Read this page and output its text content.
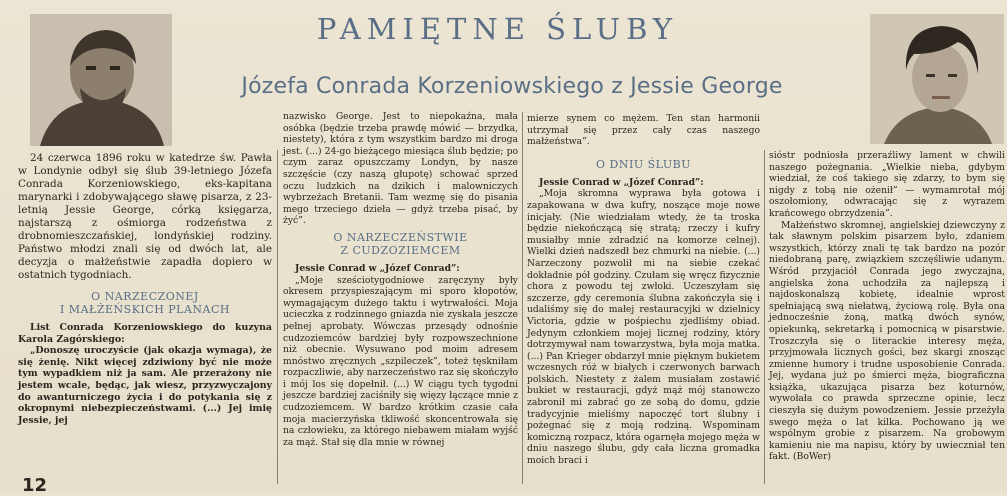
PAMIĘTNE ŚLUBY
Józefa Conrada Korzeniowskiego z Jessie George

24 czerwca 1896 roku w katedrze św. Pawła w Londynie odbył się ślub 39-letniego Józefa Conrada Korzeniowskiego, eks-kapitana marynarki i zdobywającego sławę pisarza, z 23-letnią Jessie George, córką księgarza, najstarszą z ośmiorga rodzeństwa z drobnomieszczańskiej, londyńskiej rodziny. Państwo młodzi znali się od dwóch lat, ale decyzja o małżeństwie zapadła dopiero w ostatnich tygodniach.

O NARZECZONEJ
I MAŁŻEŃSKICH PLANACH

List Conrada Korzeniowskiego do kuzyna Karola Zagórskiego:

„Donoszę uroczyście (jak okazja wymaga), że się żenię. Nikt więcej zdziwiony być nie może tym wypadkiem niż ja sam. Ale przerażony nie jestem wcale, będąc, jak wiesz, przyzwyczajony do awanturniczego życia i do potykania się z okropnymi niebezpieczeństwami. (...) Jej imię Jessie, jej

nazwisko George. Jest to niepokaźna, mała osóbka (będzie trzeba prawdę mówić — brzydka, niestety), która z tym wszystkim bardzo mi droga jest. (...) 24-go bieżącego miesiąca ślub będzie; po czym zaraz opuszczamy Londyn, by nasze szczęście (czy naszą głupotę) schować sprzed oczu ludzkich na dzikich i malowniczych wybrzeżach Bretanii. Tam wezmę się do pisania mego trzeciego dzieła — gdyż trzeba pisać, by żyć”.

O NARZECZEŃSTWIE
Z CUDZOZIEMCEM

Jessie Conrad w „Józef Conrad”:

„Moje sześciotygodniowe zaręczyny były okresem przyspieszającym mi sporo kłopotów, wymagającym dużego taktu i wytrwałości. Moja ucieczka z rodzinnego gniazda nie zyskała jeszcze pełnej aprobaty. Wówczas przesądy odnośnie cudzoziemców bardziej były rozpowszechnione niż obecnie. Wysuwano pod moim adresem mnóstwo zręcznych „szpileczek”, toteż tęskniłam rozpaczliwie, aby narzeczeństwo raz się skończyło i mój los się dopełnił. (...) W ciągu tych tygodni jeszcze bardziej zaciśniły się więzy łączące mnie z cudzoziemcem. W bardzo krótkim czasie cała moja macierzyńska tkliwość skoncentrowała się na człowieku, za którego niebawem miałam wyjść za mąż. Stał się dla mnie w równej

mierze synem co mężem. Ten stan harmonii utrzymał się przez cały czas naszego małżeństwa”.

O DNIU ŚLUBU

Jessie Conrad w „Józef Conrad”:

„Moja skromna wyprawa była gotowa i zapakowana w dwa kufry, noszące moje nowe inicjały. (Nie wiedziałam wtedy, że ta troska będzie niekończącą się stratą; rzeczy i kufry musiałby mnie zdradzić na komorze celnej). Wielki dzień nadszedł bez chmurki na niebie. (...) Narzeczony pozwolił mi na siebie czekać dokładnie pół godziny. Czułam się wręcz fizycznie chora z powodu tej zwłoki. Uczeszyłam się szczerze, gdy ceremonia ślubna zakończyła się i udaliśmy się do małej restauracyjki w dzielnicy Victoria, gdzie w pośpiechu zjedliśmy obiad. Jedynym członkiem mojej licznej rodziny, który dotrzymywał nam towarzystwa, była moja matka. (...) Pan Krieger obdarzył mnie pięknym bukietem wczesnych róż w białych i czerwonych barwach polskich. Niestety z żalem musiałam zostawić bukiet w restauracji, gdyż mąż mój stanowczo zabronił mi zabrać go ze sobą do domu, gdzie tradycyjnie mieliśmy napoczęć tort ślubny i pożegnać się z moją rodziną. Wspominam komiczną rozpacz, która ogarnęła mojego męża w dniu naszego ślubu, gdy cała liczna gromadka moich braci i

sióstr podniosła przeraźliwy lament w chwili naszego pożegnania. „Wielkie nieba, gdybym wiedział, że coś takiego się zdarzy, to bym się nigdy z tobą nie ożenił” — wymamrotał mój oszołomiony, odwracając się z wyrazem krańcowego obrzydzenia”.

Małżeństwo skromnej, angielskiej dziewczyny z tak sławnym polskim pisarzem było, zdaniem wszystkich, którzy znali tę tak bardzo na pozór niedobraną parę, związkiem szczęśliwie udanym. Wśród przyjaciół Conrada jego zwyczajna, angielska żona uchodziła za najlepszą i najdoskonalszą kobietę, idealnie wprost spełniającą swą niełatwą, życiową rolę. Była ona jednocześnie żoną, matką dwóch synów, opiekunką, sekretarką i pomocnicą w pisarstwie. Troszczyła się o literackie interesy męża, przyjmowała licznych gości, bez skargi znosząc zmienne humory i trudne usposobienie Conrada. Jej, wydana już po śmierci męża, biograficzna książka, ukazująca pisarza bez koturnów, wywołała co prawda sprzeczne opinie, lecz cieszyła się dużym powodzeniem. Jessie przeżyła swego męża o lat kilka. Pochowano ją we wspólnym grobie z pisarzem. Na grobowym kamieniu nie ma napisu, który by uwieczniał ten fakt. (BoWer)

12
